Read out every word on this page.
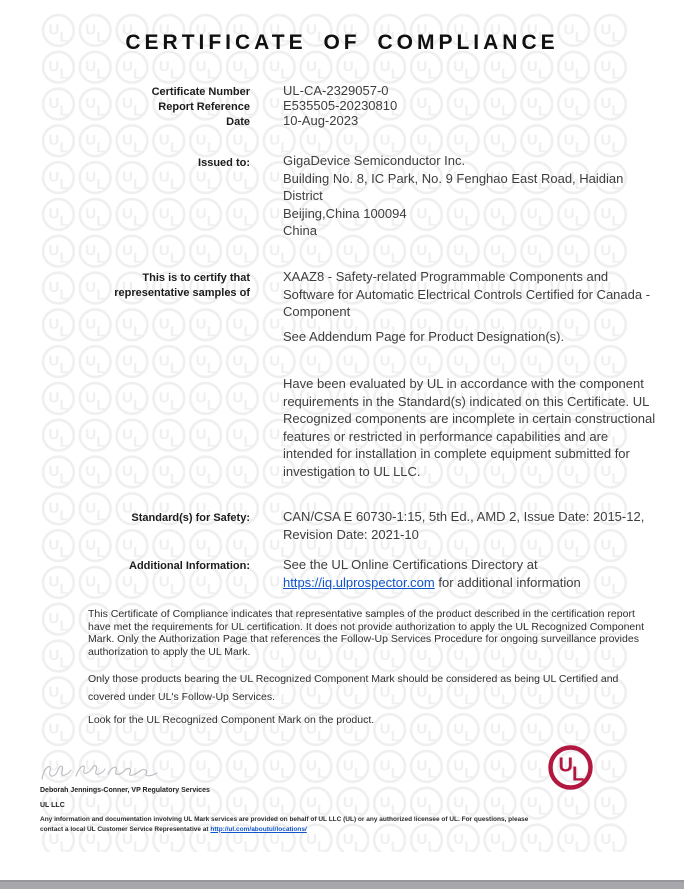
CERTIFICATE OF COMPLIANCE
Certificate Number	UL-CA-2329057-0
Report Reference	E535505-20230810
Date	10-Aug-2023
Issued to:	GigaDevice Semiconductor Inc.
Building No. 8, IC Park, No. 9 Fenghao East Road, Haidian District
Beijing,China 100094
China
This is to certify that
representative samples of
XAAZ8 - Safety-related Programmable Components and Software for Automatic Electrical Controls Certified for Canada - Component
See Addendum Page for Product Designation(s).
Have been evaluated by UL in accordance with the component requirements in the Standard(s) indicated on this Certificate. UL Recognized components are incomplete in certain constructional features or restricted in performance capabilities and are intended for installation in complete equipment submitted for investigation to UL LLC.
Standard(s) for Safety:	CAN/CSA E 60730-1:15, 5th Ed., AMD 2, Issue Date: 2015-12, Revision Date: 2021-10
Additional Information:	See the UL Online Certifications Directory at
https://iq.ulprospector.com for additional information
This Certificate of Compliance indicates that representative samples of the product described in the certification report have met the requirements for UL certification. It does not provide authorization to apply the UL Recognized Component Mark. Only the Authorization Page that references the Follow-Up Services Procedure for ongoing surveillance provides authorization to apply the UL Mark.
Only those products bearing the UL Recognized Component Mark should be considered as being UL Certified and covered under UL's Follow-Up Services.
Look for the UL Recognized Component Mark on the product.
Deborah Jennings-Conner, VP Regulatory Services
UL LLC
Any information and documentation involving UL Mark services are provided on behalf of UL LLC (UL) or any authorized licensee of UL. For questions, please
contact a local UL Customer Service Representative at http://ul.com/aboutul/locations/
U L
